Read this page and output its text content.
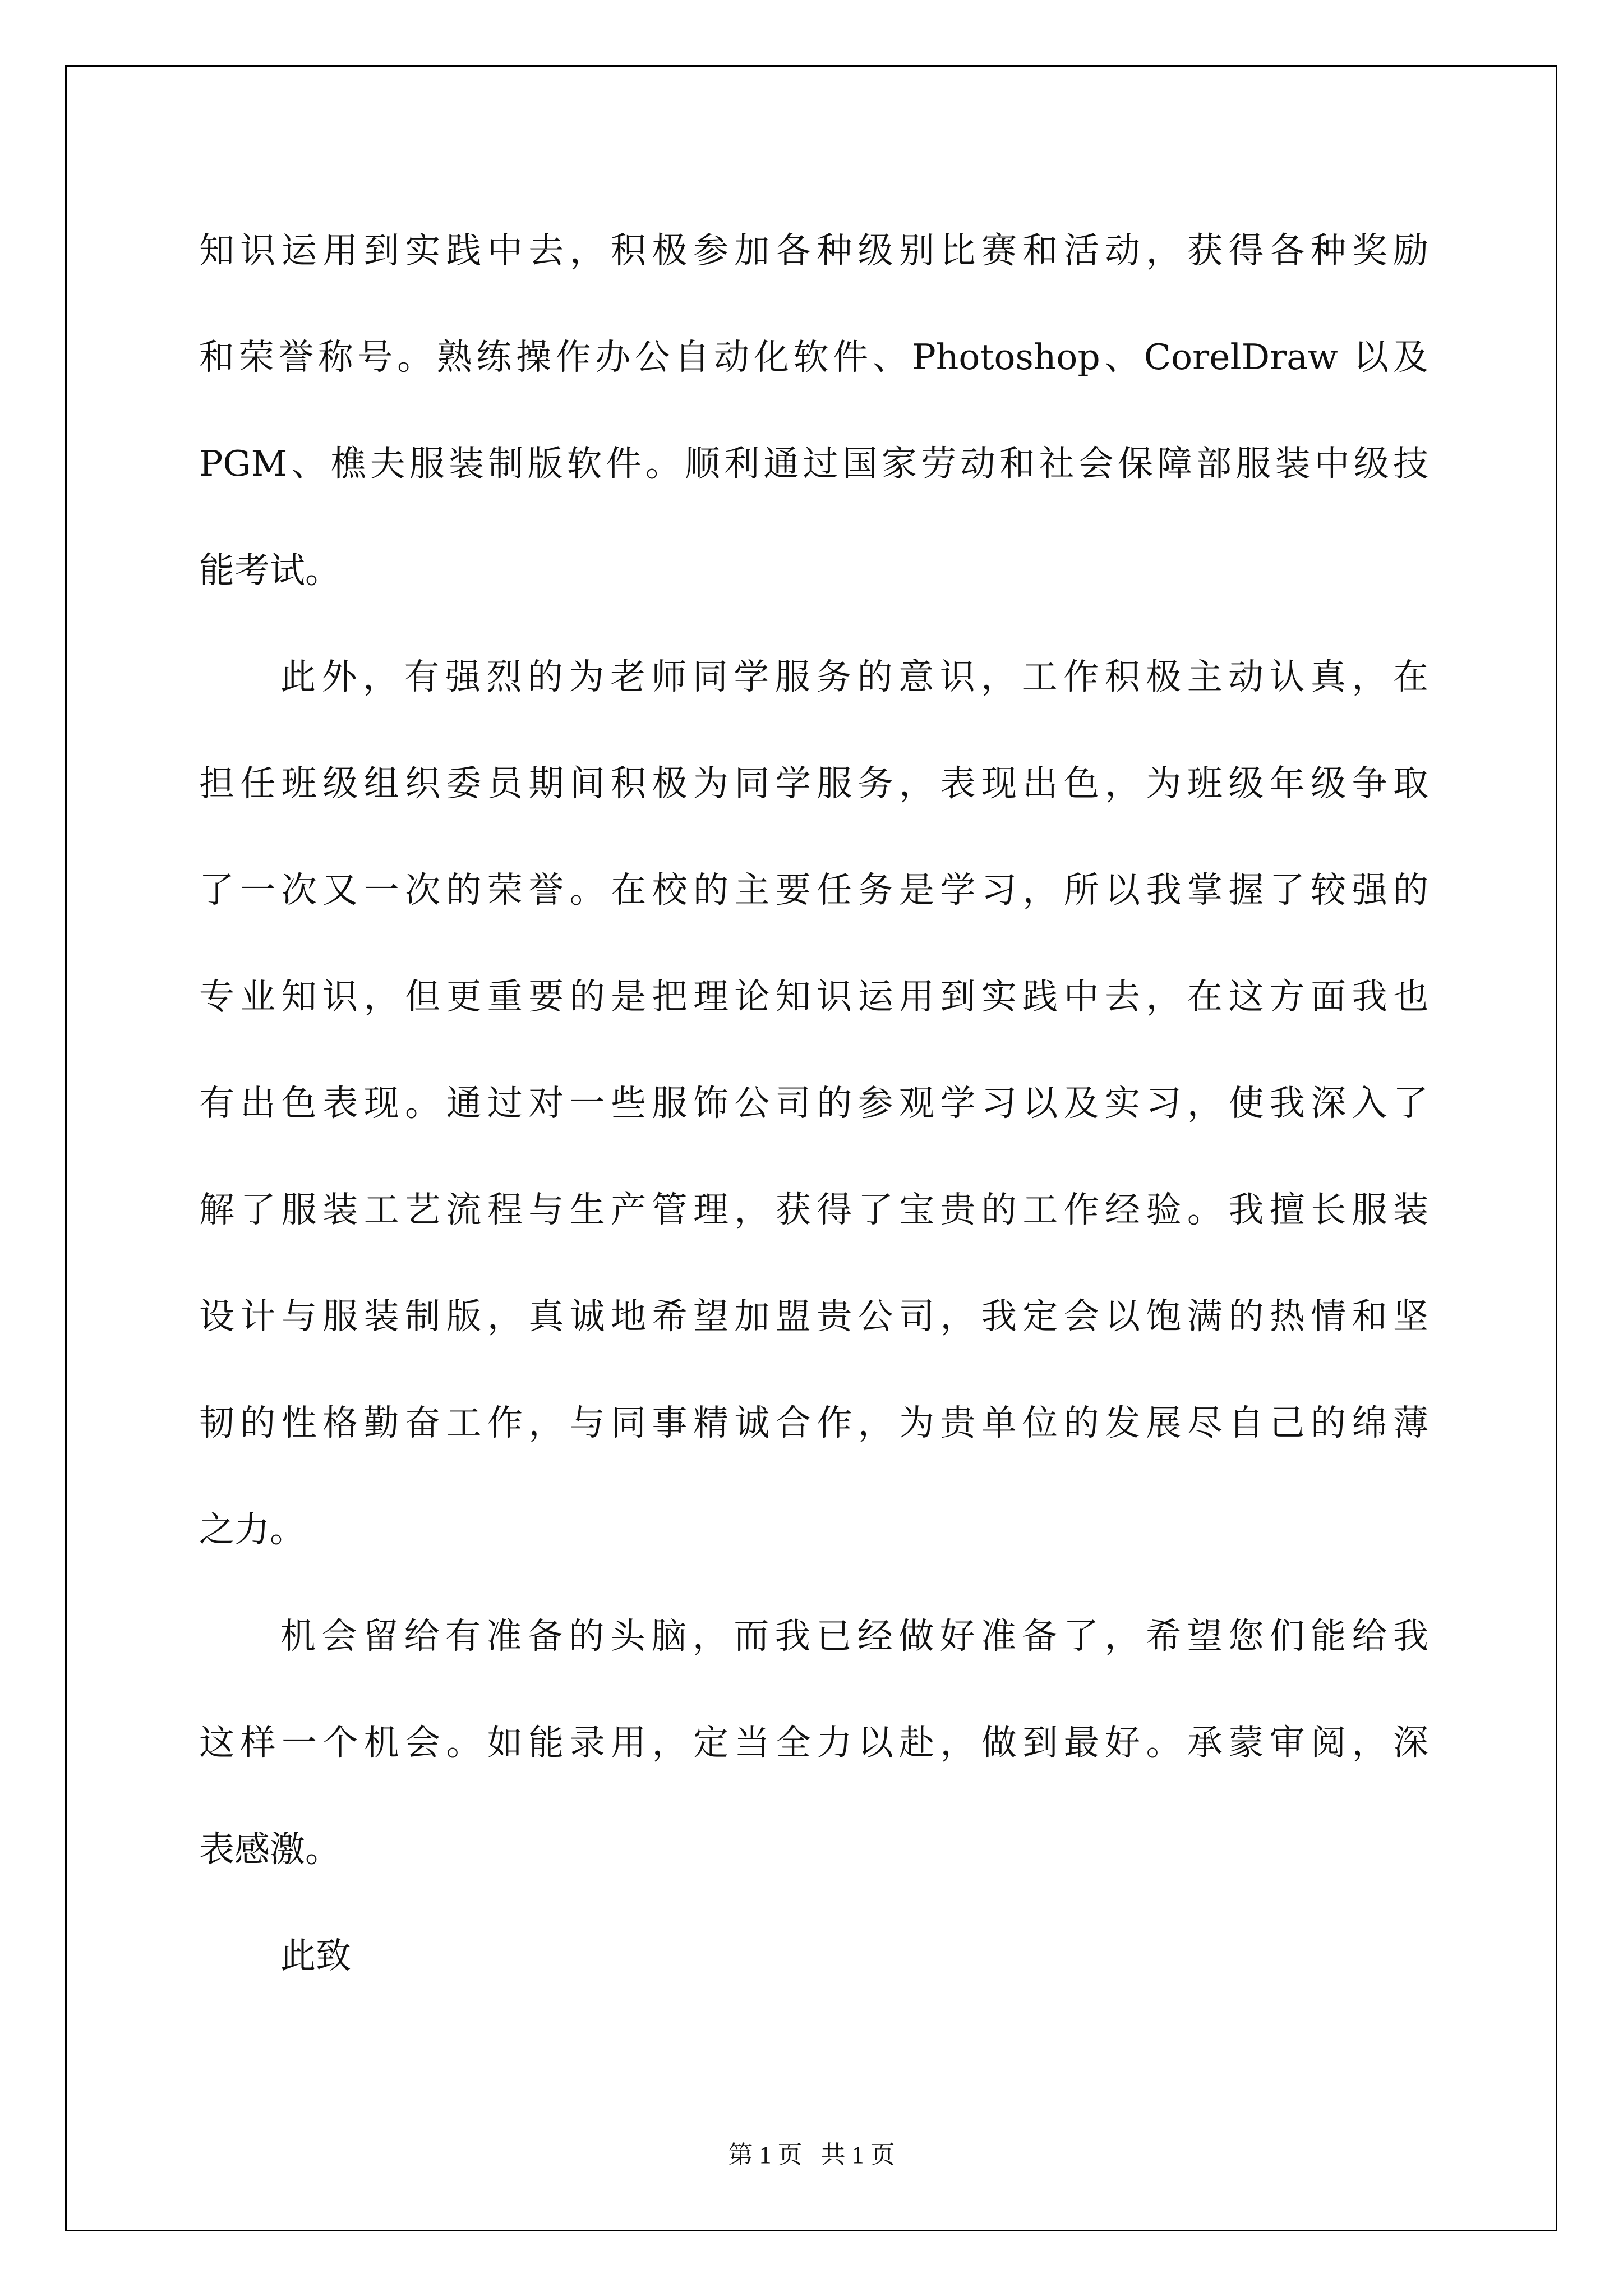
知识运用到实践中去，积极参加各种级别比赛和活动，获得各种奖励
和荣誉称号。熟练操作办公自动化软件、Photoshop、CorelDraw 以及
PGM、樵夫服装制版软件。顺利通过国家劳动和社会保障部服装中级技
能考试。
此外，有强烈的为老师同学服务的意识，工作积极主动认真，在
担任班级组织委员期间积极为同学服务，表现出色，为班级年级争取
了一次又一次的荣誉。在校的主要任务是学习，所以我掌握了较强的
专业知识，但更重要的是把理论知识运用到实践中去，在这方面我也
有出色表现。通过对一些服饰公司的参观学习以及实习，使我深入了
解了服装工艺流程与生产管理，获得了宝贵的工作经验。我擅长服装
设计与服装制版，真诚地希望加盟贵公司，我定会以饱满的热情和坚
韧的性格勤奋工作，与同事精诚合作，为贵单位的发展尽自己的绵薄
之力。
机会留给有准备的头脑，而我已经做好准备了，希望您们能给我
这样一个机会。如能录用，定当全力以赴，做到最好。承蒙审阅，深
表感激。
此致
第 1 页   共 1 页
